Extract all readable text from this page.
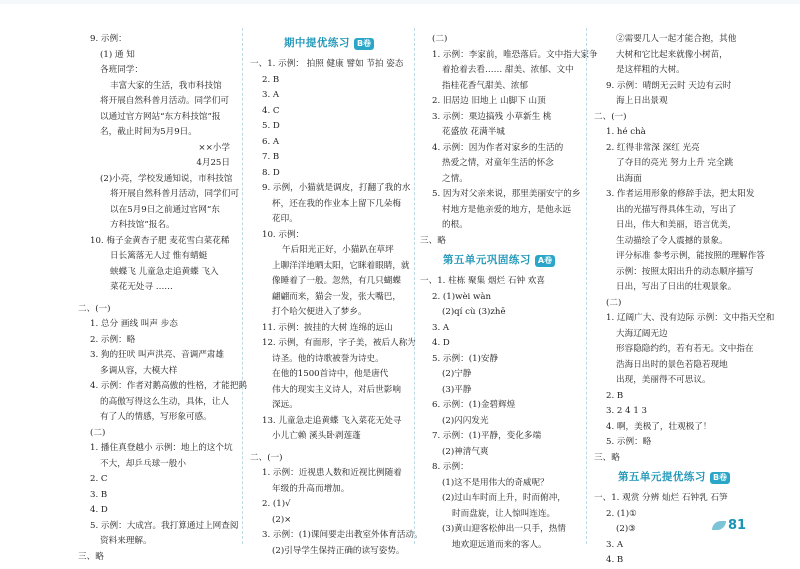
9. 示例：
(1) 通 知
各班同学：
丰富大家的生活，我市科技馆
将开展自然科普月活动。同学们可
以通过官方网站“东方科技馆”报
名，截止时间为5月9日。
××小学
4月25日
(2)小亮，学校发通知说，市科技馆
将开展自然科普月活动，同学们可
以在5月9日之前通过官网“东
方科技馆”报名。
10. 梅子金黄杏子肥 麦花雪白菜花稀
日长篱落无人过 惟有蜻蜓
蛱蝶飞 儿童急走追黄蝶 飞入
菜花无处寻 ……

二、(一)
1. 总分 画线 叫声 步态
2. 示例：略
3. 狗的狂吠 叫声洪亮、音调严肃雄
多调从容，大模大样
4. 示例：作者对鹅高傲的性格，才能把鹅
的高傲写得这么生动，具体，让人
有了人的情感，写形象可感。
(二)
1. 播住真登越小 示例：地上的这个坑
不大，却乒乓球一般小
2. C
3. B
4. D
5. 示例：大成宫。我打算通过上网查阅
资料来理解。
三、略
期中提优练习 B卷
一、1. 示例： 拍照 健康 譬如 节拍 姿态
2. B
3. A
4. C
5. D
6. A
7. B
8. D
9. 示例，小猫就是调皮，打翻了我的水
杯，还在我的作业本上留下几朵梅
花印。
10. 示例：
午后阳光正好，小猫趴在草坪
上聊洋洋地晒太阳，它眯着眼睛，就
像睡着了一般。忽然，有几只蝴蝶
翩翩而来，猫会一发，张大嘴巴，
打个哈欠便进入了梦乡。
11. 示例：披挂的大树 连绵的远山
12. 示例，有面形，字子美，被后人称为
诗圣。他的诗歌被誉为诗史。
在他的1500首诗中，他是唐代
伟大的现实主义诗人，对后世影响
深远。
13. 儿童急走追黄蝶 飞入菜花无处寻
小儿亡赖 溪头卧剥莲蓬

二、(一)
1. 示例：近视患人数和近视比例随着
年级的升高而增加。
2. (1)√
(2)×
3. 示例：(1)课间要走出教室外体育活动。
(2)引导学生保持正确的读写姿势。
(二)
1. 示例：李家前，唯恐落后。文中指大家争
着抢着去看…… 甜美、浓郁、文中
指桂花香气甜美、浓郁
2. 旧居边 旧地上 山脚下 山顶
3. 示例：栗边搞残 小草新生 桃
花盛放 花满半城
4. 示例：因为作者对家乡的生活的
热爱之情，对童年生活的怀念
之情。
5. 因为对父亲来说，那里美丽安宁的乡
村地方是他亲爱的地方，是他永远
的根。
三、略
第五单元巩固练习 A卷
一、1. 柱栋 聚集 烟烂 石钟 欢喜
2. (1)wèi wàn
(2)qí cù (3)zhē
3. A
4. D
5. 示例：(1)安静
(2)宁静
(3)平静
6. 示例：(1)金碧辉煌
(2)闪闪发光
7. 示例：(1)平静，变化多端
(2)神清气爽
8. 示例：
(1)这不是用伟大的奇威呢？
(2)过山车时而上升，时而俯冲，
时而盘旋，让人惊叫连连。
(3)黄山迎客松伸出一只手，热情
地欢迎远道而来的客人。
②需要几人一起才能合抱，其他
大树和它比起来就像小树苗，
是这样粗的大树。
9. 示例：晴朗无云时 天边有云时
海上日出景观
二、(一)
1. hé chà
2. 红得非常深 深红 光亮
了夺目的亮光 努力上升 完全跳
出海面
3. 作者运用形象的修辞手法，把太阳发
出的光描写得具体生动，写出了
日出，伟大和美丽，语言优美，
生动描绘了令人震撼的景象。
评分标准 参考示例，能按照的理解作答
示例：按照太阳出升的动态顺序描写
日出，写出了日出的壮观景象。
(二)
1. 辽阔广大、没有边际 示例：文中指天空和
大海辽阔无边
形容隐隐约约，若有若无。文中指在
浩海日出时的景色若隐若现地
出现，美丽得不可思议。
2. B
3. 2 4 1 3
4. 啊，美极了，壮观极了！
5. 示例：略
三、略
第五单元提优练习 B卷
一、1. 观赏 分辨 灿烂 石钟乳 石笋
2. (1)①
(2)③
3. A
4. B
81
